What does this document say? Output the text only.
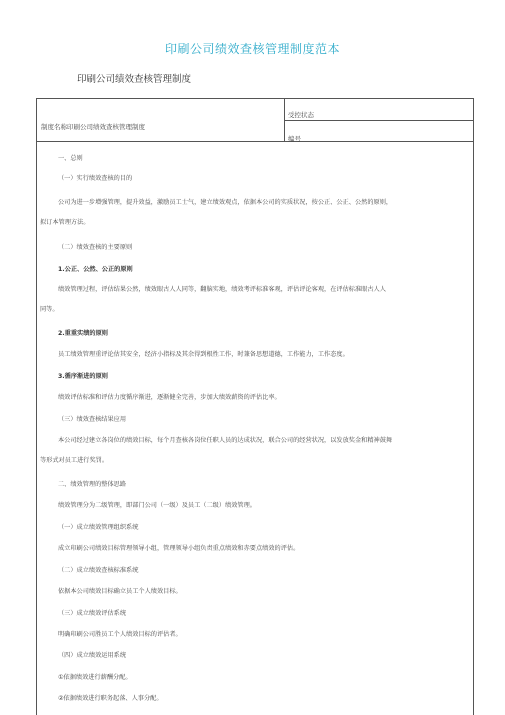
印刷公司绩效查核管理制度范本
印刷公司绩效查核管理制度
制度名称印刷公司绩效查核管理制度
受控状态
编号
一、总则
（一）实行绩效查核的目的
公司为进一步增强管理，提升效益，激励员工士气，建立绩效观点，依据本公司的实质状况，按公正、公正、公然的原则，
拟订本管理方法。
（二）绩效查核的主要原则
1.公正、公然、公正的原则
绩效管理过程，评估结果公然，绩效眼古人人同等，翻脑实地，绩效考评标准客观，评估评论客观，在评估标准眼古人人
同等。
2.重重实绩的原则
员工绩效管理重评论估其安全，经济小指标及其余得到根性工作，时兼备思想道德，工作能力，工作态度。
3.循序渐进的原则
绩效评估标准和评估力度循序渐进，逐渐健全完善，步加大绩效薪资的评估比率。
（三）绩效查核结果应用
本公司经过建立各岗位的绩效目标，每个月查核各岗位任职人员的达成状况，联合公司的经营状况，以发放奖金和精神鼓舞
等形式对员工进行奖罚。
二、绩效管理的整体思路
绩效管理分为二级管理，即部门公司（一级）及员工（二级）绩效管理。
（一）成立绩效管理组织系统
成立印刷公司绩效目标管理领导小组，管理领导小组负责重点绩效和赤要点绩效的评估。
（二）成立绩效查核标准系统
依据本公司绩效目标确立员工个人绩效目标。
（三）成立绩效评估系统
明确印刷公司胜员工个人绩效目标的评估者。
（四）成立绩效运用系统
①依据绩效进行薪酬分配。
②依据绩效进行职务起落、人事分配。
